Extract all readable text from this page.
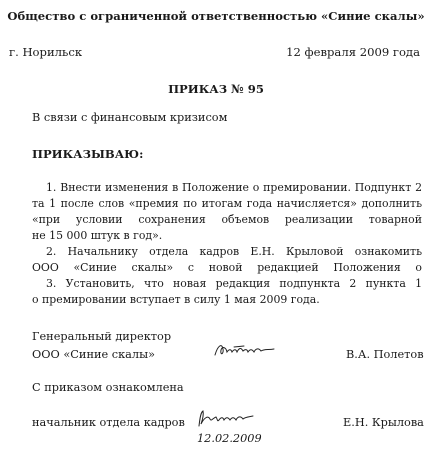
Общество с ограниченной ответственностью «Синие скалы»
г. Норильск	12 февраля 2009 года
ПРИКАЗ № 95
В связи с финансовым кризисом
ПРИКАЗЫВАЮ:
1. Внести изменения в Положение о премировании. Подпункт 2
та 1 после слов «премия по итогам года начисляется» дополнить
«при условии сохранения объемов реализации товарной
не 15 000 штук в год».
2. Начальнику отдела кадров Е.Н. Крыловой ознакомить
ООО «Синие скалы» с новой редакцией Положения о
3. Установить, что новая редакция подпункта 2 пункта 1
о премировании вступает в силу 1 мая 2009 года.
Генеральный директор
ООО «Синие скалы»	В.А. Полетов
С приказом ознакомлена
начальник отдела кадров	Е.Н. Крылова
12.02.2009
